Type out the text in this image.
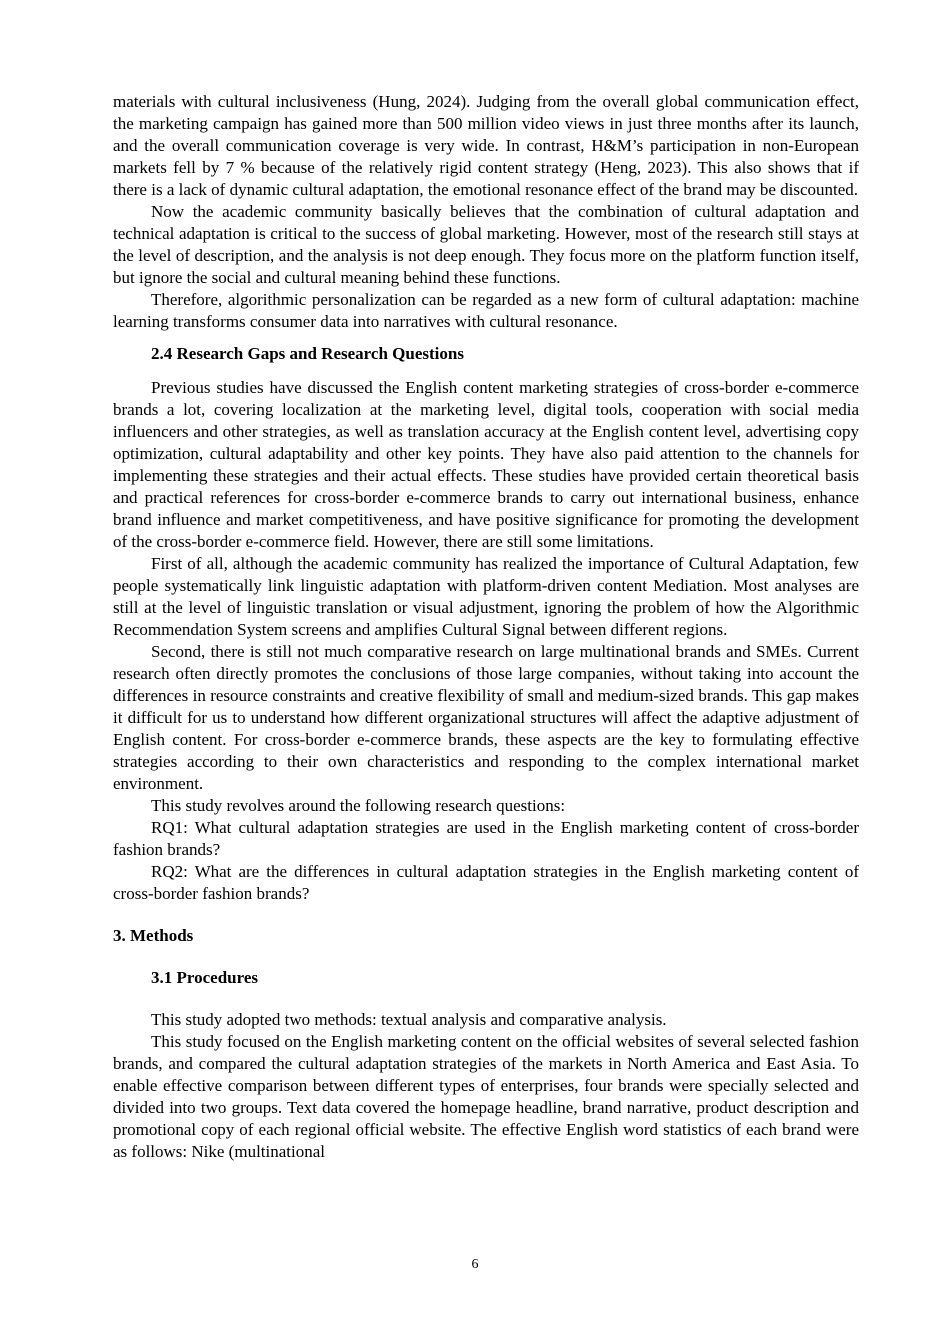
materials with cultural inclusiveness (Hung, 2024). Judging from the overall global communication effect, the marketing campaign has gained more than 500 million video views in just three months after its launch, and the overall communication coverage is very wide. In contrast, H&M’s participation in non-European markets fell by 7 % because of the relatively rigid content strategy (Heng, 2023). This also shows that if there is a lack of dynamic cultural adaptation, the emotional resonance effect of the brand may be discounted.

Now the academic community basically believes that the combination of cultural adaptation and technical adaptation is critical to the success of global marketing. However, most of the research still stays at the level of description, and the analysis is not deep enough. They focus more on the platform function itself, but ignore the social and cultural meaning behind these functions.

Therefore, algorithmic personalization can be regarded as a new form of cultural adaptation: machine learning transforms consumer data into narratives with cultural resonance.

2.4 Research Gaps and Research Questions

Previous studies have discussed the English content marketing strategies of cross-border e-commerce brands a lot, covering localization at the marketing level, digital tools, cooperation with social media influencers and other strategies, as well as translation accuracy at the English content level, advertising copy optimization, cultural adaptability and other key points. They have also paid attention to the channels for implementing these strategies and their actual effects. These studies have provided certain theoretical basis and practical references for cross-border e-commerce brands to carry out international business, enhance brand influence and market competitiveness, and have positive significance for promoting the development of the cross-border e-commerce field. However, there are still some limitations.

First of all, although the academic community has realized the importance of Cultural Adaptation, few people systematically link linguistic adaptation with platform-driven content Mediation. Most analyses are still at the level of linguistic translation or visual adjustment, ignoring the problem of how the Algorithmic Recommendation System screens and amplifies Cultural Signal between different regions.

Second, there is still not much comparative research on large multinational brands and SMEs. Current research often directly promotes the conclusions of those large companies, without taking into account the differences in resource constraints and creative flexibility of small and medium-sized brands. This gap makes it difficult for us to understand how different organizational structures will affect the adaptive adjustment of English content. For cross-border e-commerce brands, these aspects are the key to formulating effective strategies according to their own characteristics and responding to the complex international market environment.

This study revolves around the following research questions:

RQ1: What cultural adaptation strategies are used in the English marketing content of cross-border fashion brands?

RQ2: What are the differences in cultural adaptation strategies in the English marketing content of cross-border fashion brands?

3. Methods

3.1 Procedures

This study adopted two methods: textual analysis and comparative analysis.

This study focused on the English marketing content on the official websites of several selected fashion brands, and compared the cultural adaptation strategies of the markets in North America and East Asia. To enable effective comparison between different types of enterprises, four brands were specially selected and divided into two groups. Text data covered the homepage headline, brand narrative, product description and promotional copy of each regional official website. The effective English word statistics of each brand were as follows: Nike (multinational

6
